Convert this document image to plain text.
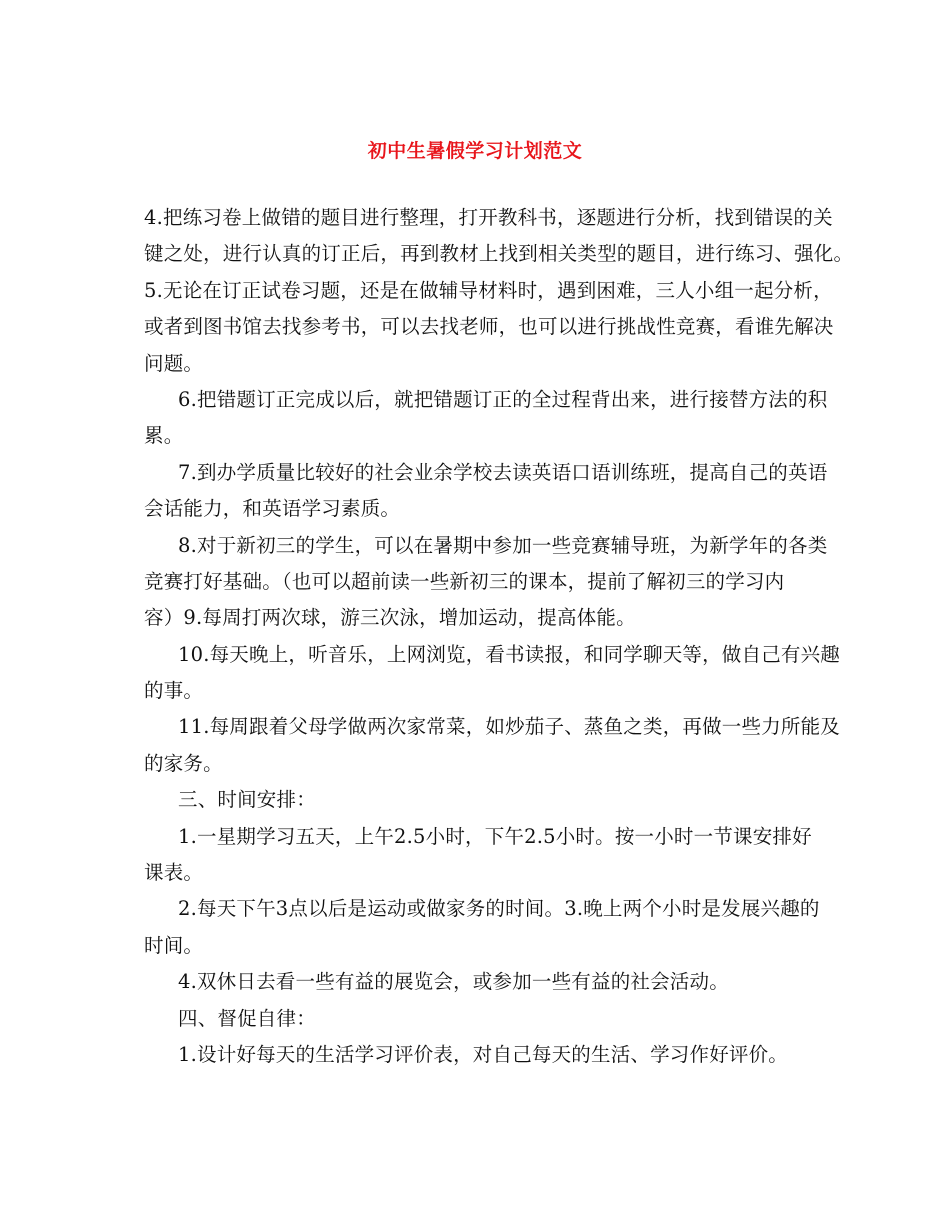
初中生暑假学习计划范文
4.把练习卷上做错的题目进行整理，打开教科书，逐题进行分析，找到错误的关
键之处，进行认真的订正后，再到教材上找到相关类型的题目，进行练习、强化。
5.无论在订正试卷习题，还是在做辅导材料时，遇到困难，三人小组一起分析，
或者到图书馆去找参考书，可以去找老师，也可以进行挑战性竞赛，看谁先解决
问题。
6.把错题订正完成以后，就把错题订正的全过程背出来，进行接替方法的积
累。
7.到办学质量比较好的社会业余学校去读英语口语训练班，提高自己的英语
会话能力，和英语学习素质。
8.对于新初三的学生，可以在暑期中参加一些竞赛辅导班，为新学年的各类
竞赛打好基础。（也可以超前读一些新初三的课本，提前了解初三的学习内
容）9.每周打两次球，游三次泳，增加运动，提高体能。
10.每天晚上，听音乐，上网浏览，看书读报，和同学聊天等，做自己有兴趣
的事。
11.每周跟着父母学做两次家常菜，如炒茄子、蒸鱼之类，再做一些力所能及
的家务。
三、时间安排：
1.一星期学习五天，上午2.5小时，下午2.5小时。按一小时一节课安排好
课表。
2.每天下午3点以后是运动或做家务的时间。3.晚上两个小时是发展兴趣的
时间。
4.双休日去看一些有益的展览会，或参加一些有益的社会活动。
四、督促自律：
1.设计好每天的生活学习评价表，对自己每天的生活、学习作好评价。
